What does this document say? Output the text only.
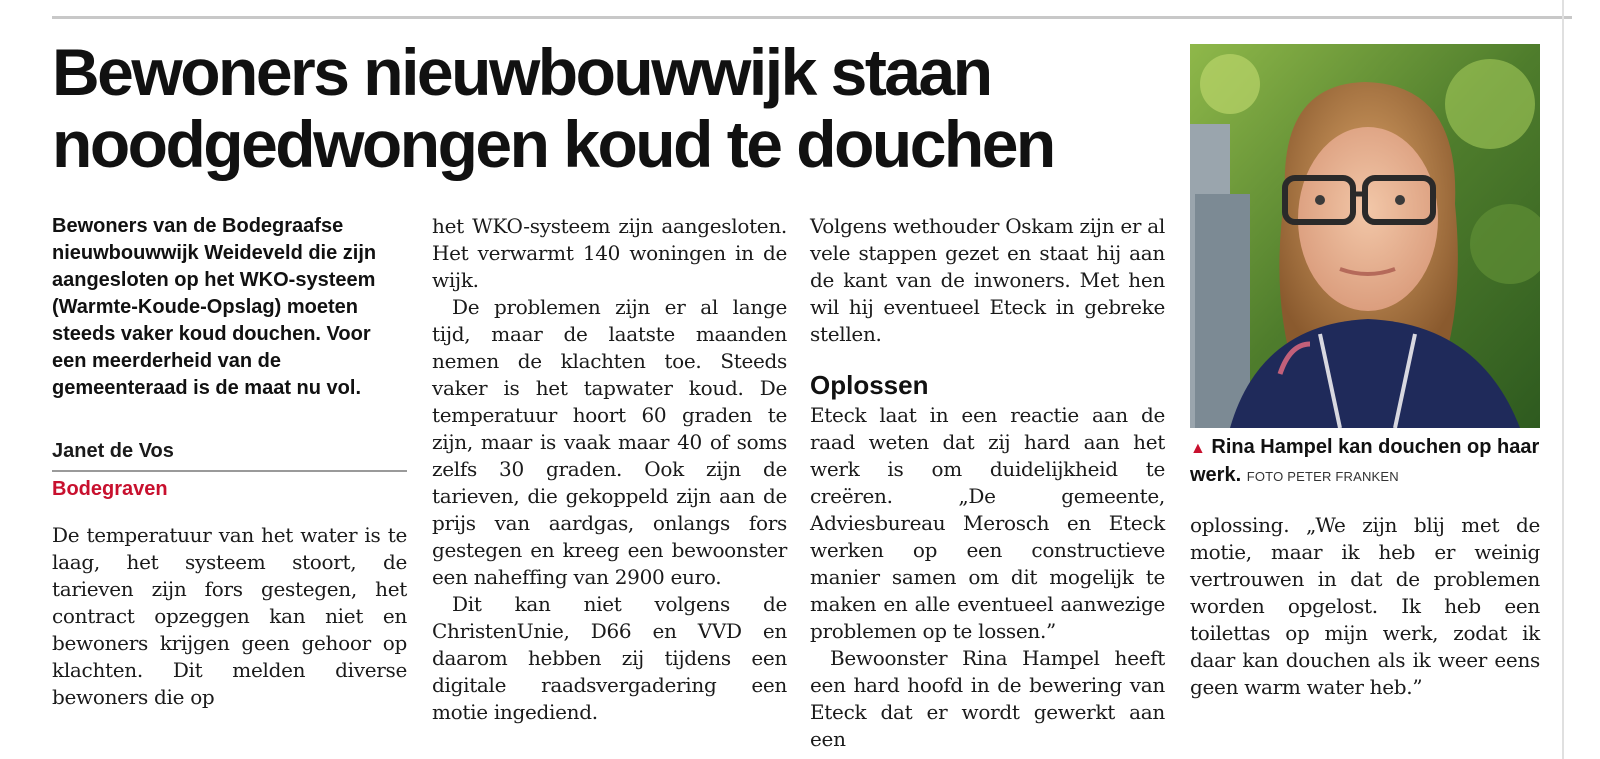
Bewoners nieuwbouwwijk staan noodgedwongen koud te douchen

Bewoners van de Bodegraafse nieuwbouwwijk Weideveld die zijn aangesloten op het WKO-systeem (Warmte-Koude-Opslag) moeten steeds vaker koud douchen. Voor een meerderheid van de gemeenteraad is de maat nu vol.

Janet de Vos
Bodegraven

De temperatuur van het water is te laag, het systeem stoort, de tarieven zijn fors gestegen, het contract opzeggen kan niet en bewoners krijgen geen gehoor op klachten. Dit melden diverse bewoners die op

het WKO-systeem zijn aangesloten. Het verwarmt 140 woningen in de wijk.

De problemen zijn er al lange tijd, maar de laatste maanden nemen de klachten toe. Steeds vaker is het tapwater koud. De temperatuur hoort 60 graden te zijn, maar is vaak maar 40 of soms zelfs 30 graden. Ook zijn de tarieven, die gekoppeld zijn aan de prijs van aardgas, onlangs fors gestegen en kreeg een bewoonster een naheffing van 2900 euro.

Dit kan niet volgens de ChristenUnie, D66 en VVD en daarom hebben zij tijdens een digitale raadsvergadering een motie ingediend.

Volgens wethouder Oskam zijn er al vele stappen gezet en staat hij aan de kant van de inwoners. Met hen wil hij eventueel Eteck in gebreke stellen.

Oplossen

Eteck laat in een reactie aan de raad weten dat zij hard aan het werk is om duidelijkheid te creëren. „De gemeente, Adviesbureau Merosch en Eteck werken op een constructieve manier samen om dit mogelijk te maken en alle eventueel aanwezige problemen op te lossen.”

Bewoonster Rina Hampel heeft een hard hoofd in de bewering van Eteck dat er wordt gewerkt aan een

▲ Rina Hampel kan douchen op haar werk. FOTO PETER FRANKEN

oplossing. „We zijn blij met de motie, maar ik heb er weinig vertrouwen in dat de problemen worden opgelost. Ik heb een toilettas op mijn werk, zodat ik daar kan douchen als ik weer eens geen warm water heb.”
